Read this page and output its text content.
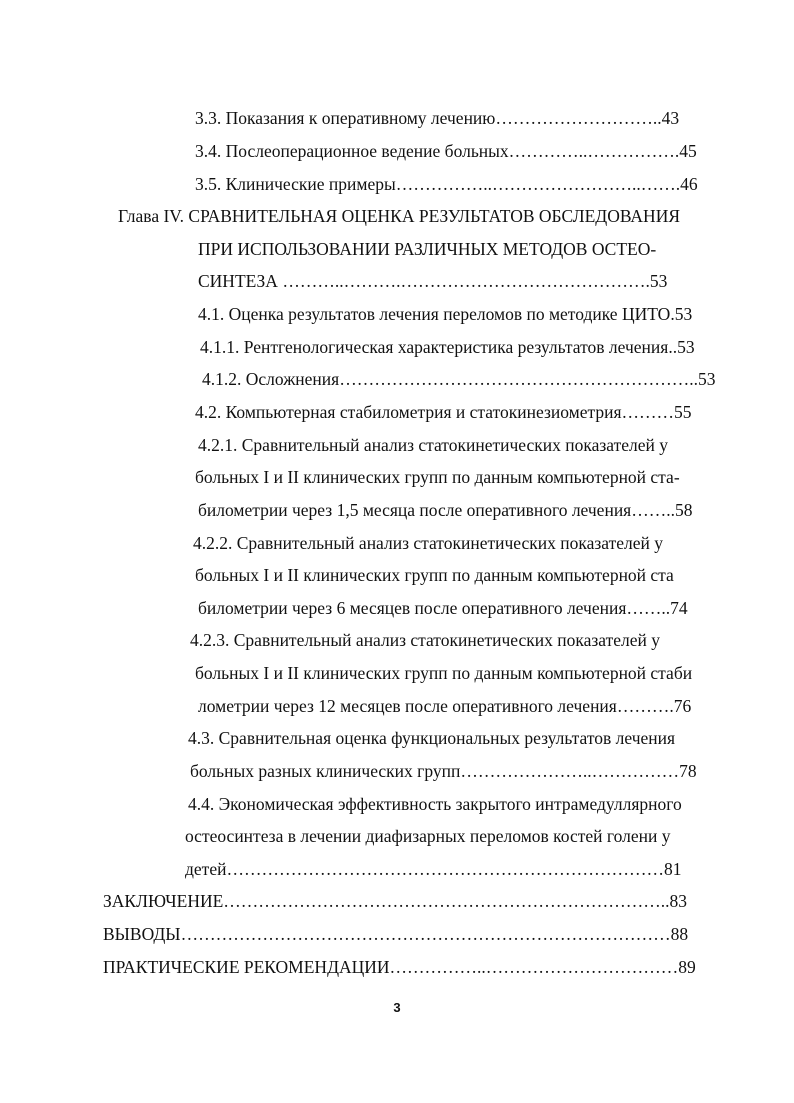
3.3. Показания к оперативному лечению………………………..43
3.4. Послеоперационное ведение больных…………..…………….45
3.5. Клинические примеры……………..……………………..…….46
Глава IV. СРАВНИТЕЛЬНАЯ ОЦЕНКА РЕЗУЛЬТАТОВ ОБСЛЕДОВАНИЯ
ПРИ ИСПОЛЬЗОВАНИИ РАЗЛИЧНЫХ МЕТОДОВ ОСТЕО-
СИНТЕЗА ………..……….…………………………………….53
4.1. Оценка результатов лечения переломов по методике ЦИТО.53
4.1.1. Рентгенологическая характеристика результатов лечения..53
4.1.2. Осложнения……………………………………………………..53
4.2. Компьютерная стабилометрия и статокинезиометрия………55
4.2.1. Сравнительный анализ статокинетических показателей у
больных I и II клинических групп по данным компьютерной ста-
билометрии через 1,5 месяца после оперативного лечения……..58
4.2.2. Сравнительный анализ статокинетических показателей у
больных I и II клинических групп по данным компьютерной ста
билометрии через 6 месяцев после оперативного лечения……..74
4.2.3. Сравнительный анализ статокинетических показателей у
больных I и II клинических групп по данным компьютерной стаби
лометрии через 12 месяцев после оперативного лечения……….76
4.3. Сравнительная оценка функциональных результатов лечения
больных разных клинических групп…………………..……………78
4.4. Экономическая эффективность закрытого интрамедуллярного
остеосинтеза в лечении диафизарных переломов костей голени у
детей…………………………………………………………………81
ЗАКЛЮЧЕНИЕ…………………………………………………………………..83
ВЫВОДЫ…………………………………………………………………………88
ПРАКТИЧЕСКИЕ РЕКОМЕНДАЦИИ……………..……………………………89
3
